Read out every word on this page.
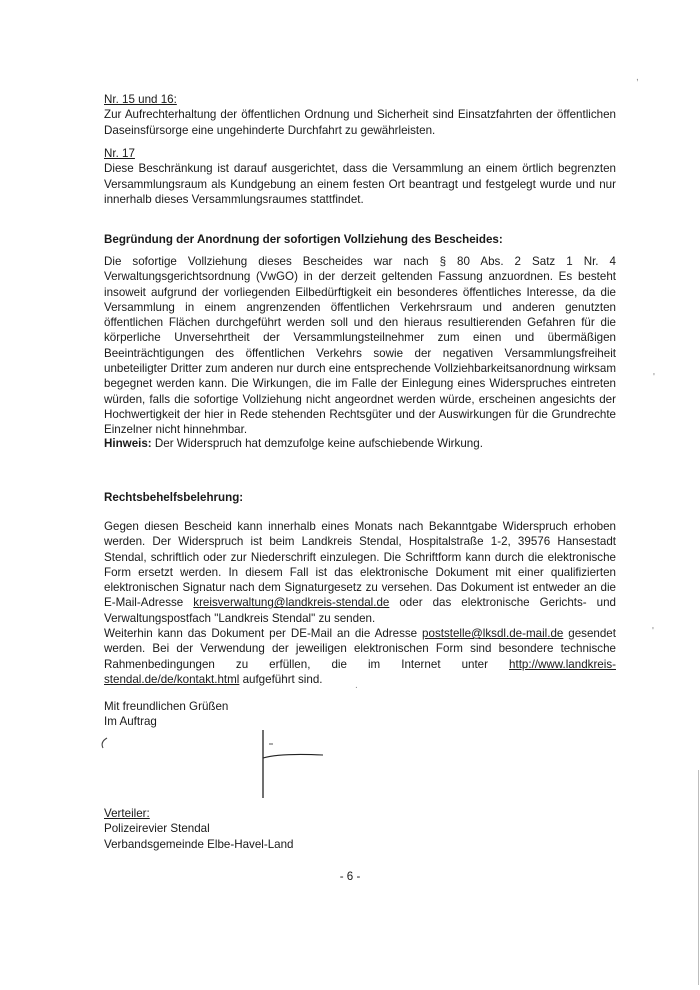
Nr. 15 und 16:
Zur Aufrechterhaltung der öffentlichen Ordnung und Sicherheit sind Einsatzfahrten der öffentlichen Daseinsfürsorge eine ungehinderte Durchfahrt zu gewährleisten.
Nr. 17
Diese Beschränkung ist darauf ausgerichtet, dass die Versammlung an einem örtlich begrenzten Versammlungsraum als Kundgebung an einem festen Ort beantragt und festgelegt wurde und nur innerhalb dieses Versammlungsraumes stattfindet.
Begründung der Anordnung der sofortigen Vollziehung des Bescheides:
Die sofortige Vollziehung dieses Bescheides war nach § 80 Abs. 2 Satz 1 Nr. 4 Verwaltungsgerichtsordnung (VwGO) in der derzeit geltenden Fassung anzuordnen. Es besteht insoweit aufgrund der vorliegenden Eilbedürftigkeit ein besonderes öffentliches Interesse, da die Versammlung in einem angrenzenden öffentlichen Verkehrsraum und anderen genutzten öffentlichen Flächen durchgeführt werden soll und den hieraus resultierenden Gefahren für die körperliche Unversehrtheit der Versammlungsteilnehmer zum einen und übermäßigen Beeinträchtigungen des öffentlichen Verkehrs sowie der negativen Versammlungsfreiheit unbeteiligter Dritter zum anderen nur durch eine entsprechende Vollziehbarkeitsanordnung wirksam begegnet werden kann. Die Wirkungen, die im Falle der Einlegung eines Widerspruches eintreten würden, falls die sofortige Vollziehung nicht angeordnet werden würde, erscheinen angesichts der Hochwertigkeit der hier in Rede stehenden Rechtsgüter und der Auswirkungen für die Grundrechte Einzelner nicht hinnehmbar.
Hinweis: Der Widerspruch hat demzufolge keine aufschiebende Wirkung.
Rechtsbehelfsbelehrung:
Gegen diesen Bescheid kann innerhalb eines Monats nach Bekanntgabe Widerspruch erhoben werden. Der Widerspruch ist beim Landkreis Stendal, Hospitalstraße 1-2, 39576 Hansestadt Stendal, schriftlich oder zur Niederschrift einzulegen. Die Schriftform kann durch die elektronische Form ersetzt werden. In diesem Fall ist das elektronische Dokument mit einer qualifizierten elektronischen Signatur nach dem Signaturgesetz zu versehen. Das Dokument ist entweder an die E-Mail-Adresse kreisverwaltung@landkreis-stendal.de oder das elektronische Gerichts- und Verwaltungspostfach "Landkreis Stendal" zu senden.
Weiterhin kann das Dokument per DE-Mail an die Adresse poststelle@lksdl.de-mail.de gesendet werden. Bei der Verwendung der jeweiligen elektronischen Form sind besondere technische Rahmenbedingungen zu erfüllen, die im Internet unter http://www.landkreis-stendal.de/de/kontakt.html aufgeführt sind.
Mit freundlichen Grüßen
Im Auftrag
Verteiler:
Polizeirevier Stendal
Verbandsgemeinde Elbe-Havel-Land
- 6 -
,
'
'
.
